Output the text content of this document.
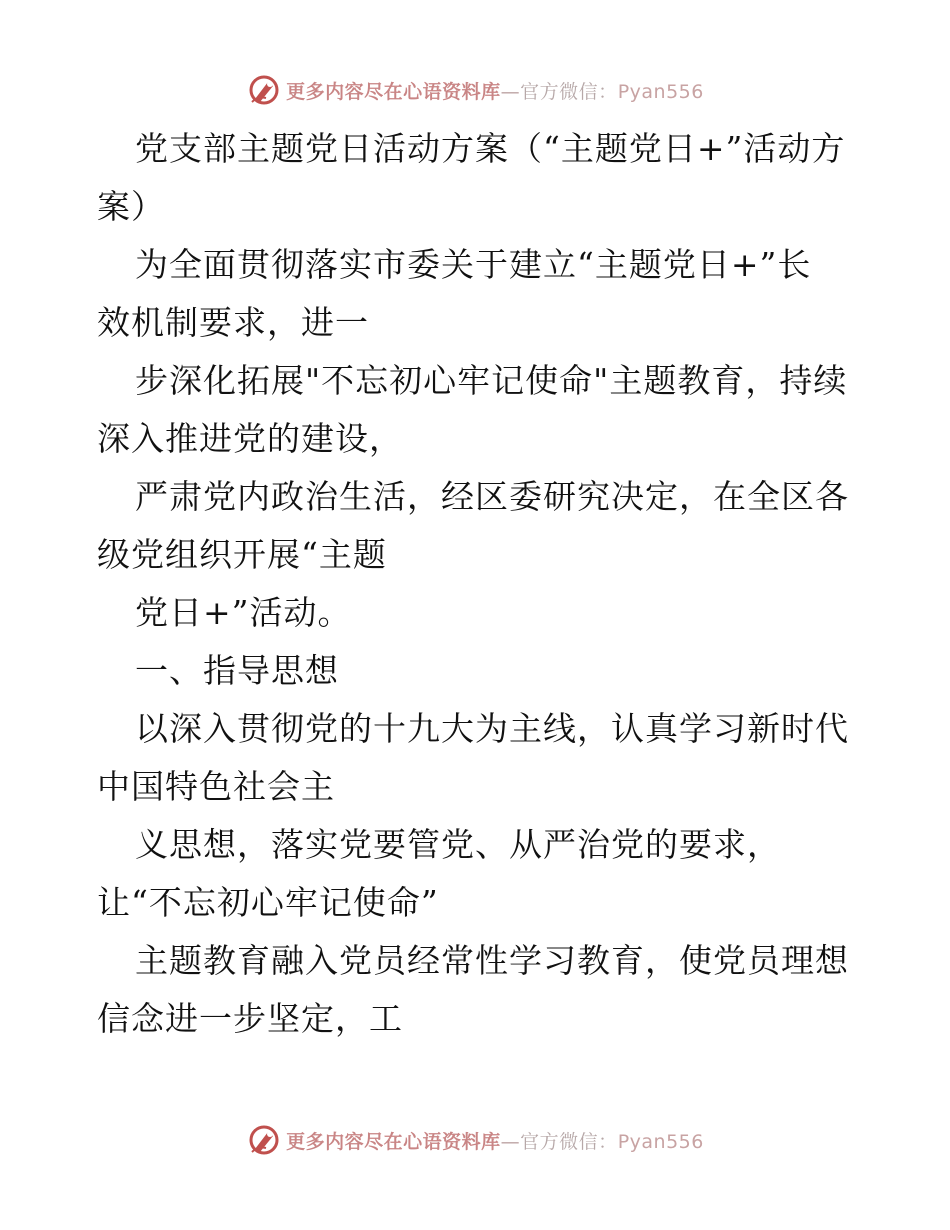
更多内容尽在心语资料库—官方微信：Pyan556
党支部主题党日活动方案（“主题党日+”活动方
案）
为全面贯彻落实市委关于建立“主题党日+”长
效机制要求，进一
步深化拓展"不忘初心牢记使命"主题教育，持续
深入推进党的建设，
严肃党内政治生活，经区委研究决定，在全区各
级党组织开展“主题
党日+”活动。
一、指导思想
以深入贯彻党的十九大为主线，认真学习新时代
中国特色社会主
义思想，落实党要管党、从严治党的要求，
让“不忘初心牢记使命”
主题教育融入党员经常性学习教育，使党员理想
信念进一步坚定，工
更多内容尽在心语资料库—官方微信：Pyan556
